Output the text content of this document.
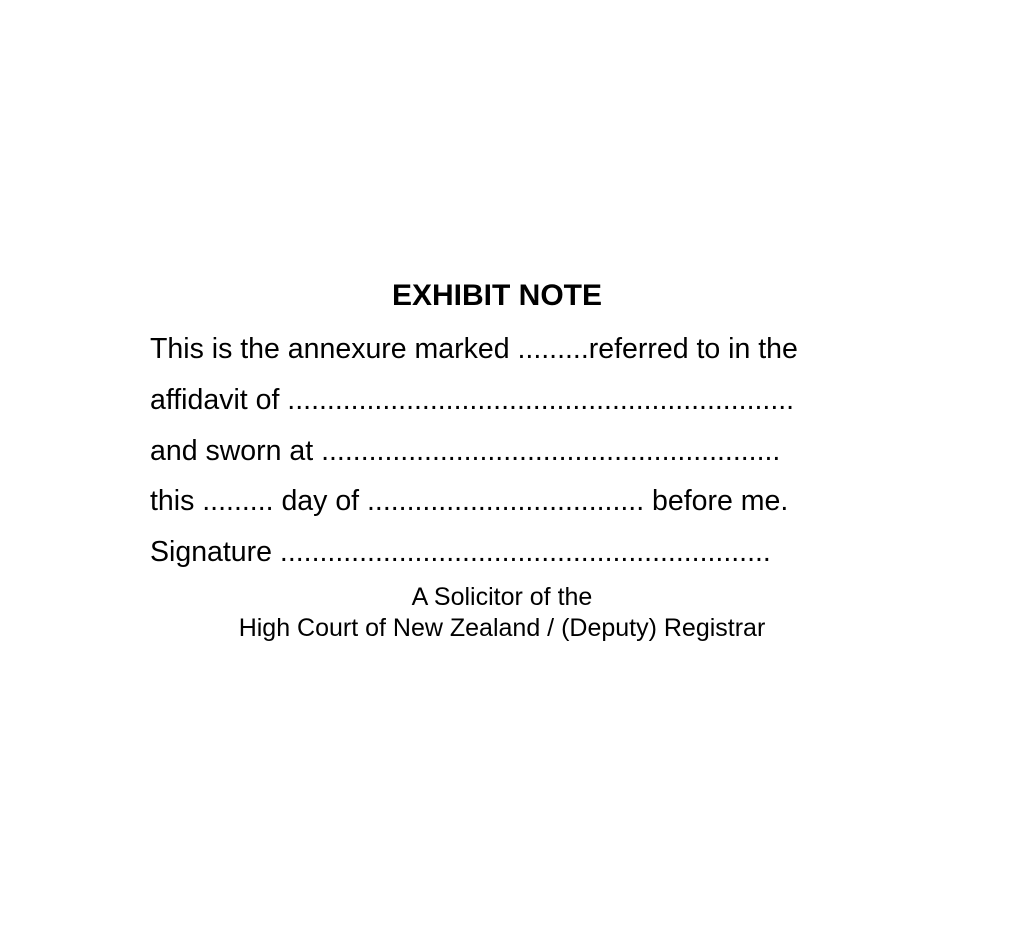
EXHIBIT NOTE
This is the annexure marked .........referred to in the
affidavit of ................................................................
and sworn at ..........................................................
this ......... day of ................................... before me.
Signature ..............................................................
A Solicitor of the
High Court of New Zealand / (Deputy) Registrar
